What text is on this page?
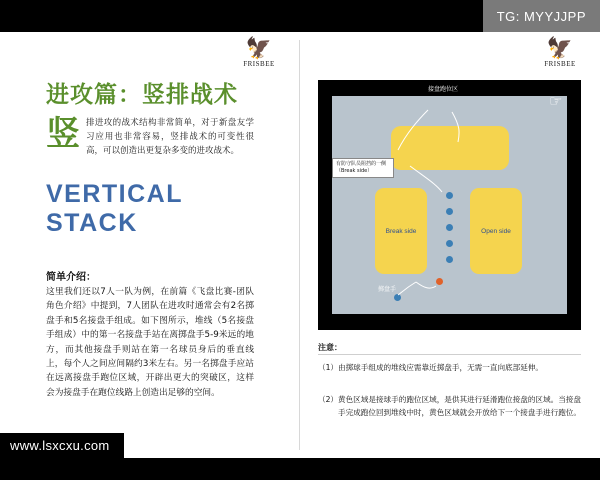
TG: MYYJJPP
🦅
FRISBEE
进攻篇：竖排战术
竖 排进攻的战术结构非常简单，对于新盘友学习应用也非常容易，竖排战术的可变性很高，可以创造出更复杂多变的进攻战术。
VERTICAL STACK
简单介绍：
这里我们还以7人一队为例，在前篇《飞盘比赛-团队角色介绍》中提到，7人团队在进攻时通常会有2名掷盘手和5名接盘手组成。如下图所示，堆线（5名接盘手组成）中的第一名接盘手站在离掷盘手5-9米远的地方，而其他接盘手则站在第一名球员身后的垂直线上，每个人之间应间隔约3米左右。另一名掷盘手应站在远离接盘手跑位区域，开辟出更大的突破区，这样会为接盘手在跑位线路上创造出足够的空间。
🦅
FRISBEE
Break side	Open side
接盘跑位区
有防守队员阻挡的一侧（Break side）
掷盘手
☞
注意：
（1） 由掷球手组成的堆线应需靠近掷盘手，无需一直向底部延伸。
（2） 黄色区域是接球手的跑位区域，是供其进行延滑跑位接盘的区域。当接盘手完成跑位回到堆线中时，黄色区域就会开放给下一个接盘手进行跑位。
www.lsxcxu.com
